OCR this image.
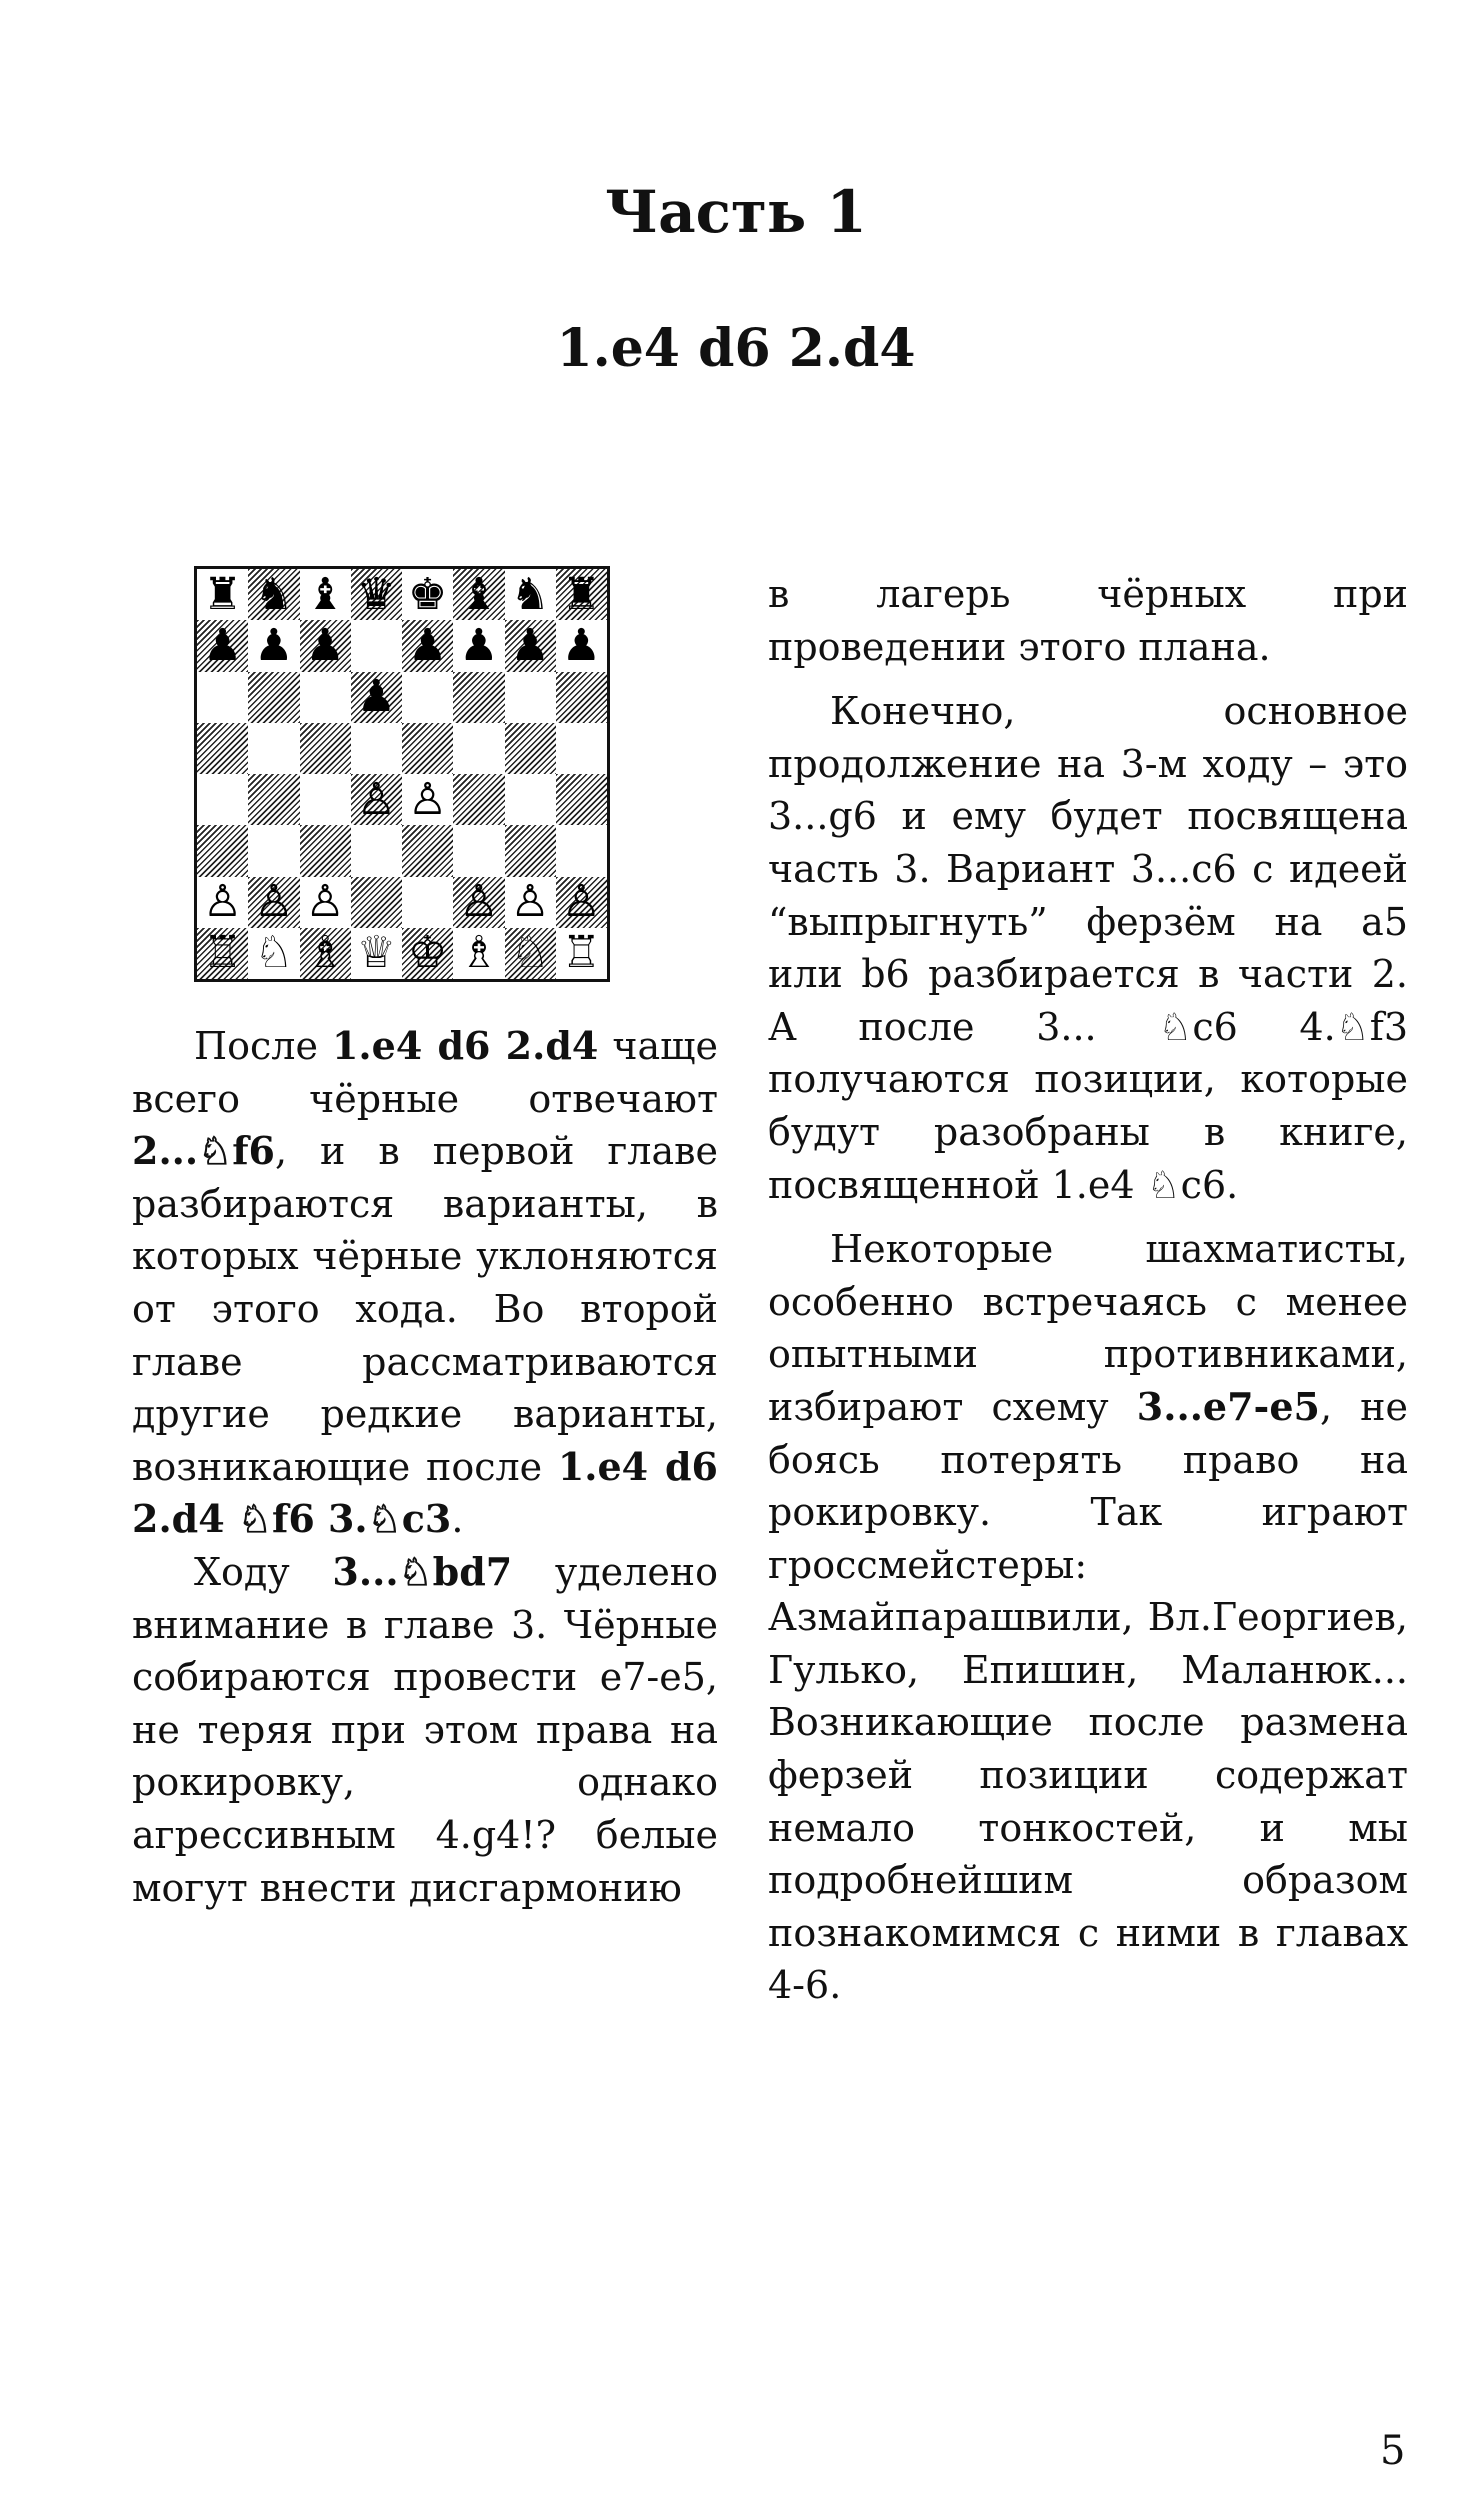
Часть 1
1.e4 d6 2.d4
♜ ♞ ♝ ♛ ♚ ♝ ♞ ♜
♟ ♟ ♟ ♟ ♟ ♟ ♟
♟
♙ ♙
♙ ♙ ♙	♙ ♙ ♙
♖ ♘ ♗ ♕ ♔ ♗ ♘ ♖

После 1.e4 d6 2.d4 чаще всего чёрные отвечают 2...♘f6, и в первой главе разбираются варианты, в которых чёрные уклоняются от этого хода. Во второй главе рассматриваются другие редкие варианты, возникающие после 1.e4 d6 2.d4 ♘f6 3.♘c3.

Ходу 3...♘bd7 уделено внимание в главе 3. Чёрные собираются провести е7-е5, не теряя при этом права на рокировку, однако агрессивным 4.g4!? белые могут внести дисгармонию

в лагерь чёрных при проведении этого плана.

Конечно, основное продолжение на 3-м ходу – это 3...g6 и ему будет посвящена часть 3. Вариант 3...c6 с идеей “выпрыгнуть” ферзём на а5 или b6 разбирается в части 2. А после 3... ♘c6 4.♘f3 получаются позиции, которые будут разобраны в книге, посвященной 1.e4 ♘c6.

Некоторые шахматисты, особенно встречаясь с менее опытными противниками, избирают схему 3...e7-e5, не боясь потерять право на рокировку. Так играют гроссмейстеры: Азмайпарашвили, Вл.Георгиев, Гулько, Епишин, Маланюк... Возникающие после размена ферзей позиции содержат немало тонкостей, и мы подробнейшим образом познакомимся с ними в главах 4-6.

5
